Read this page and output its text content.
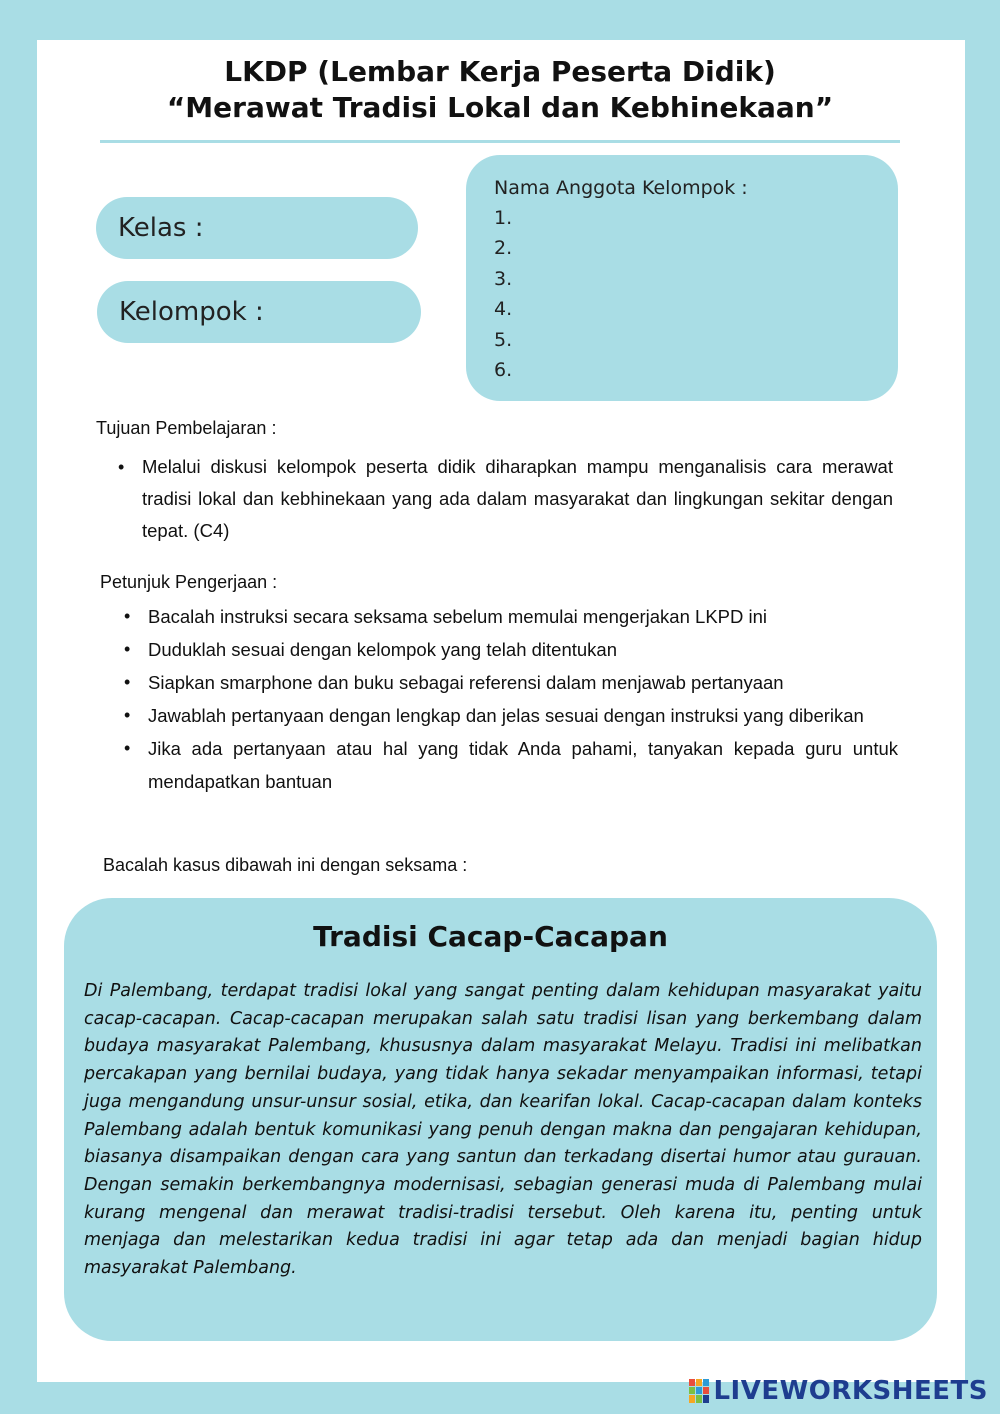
LKDP (Lembar Kerja Peserta Didik)
“Merawat Tradisi Lokal dan Kebhinekaan”
Kelas :
Kelompok :
Nama Anggota Kelompok :
1.
2.
3.
4.
5.
6.
Tujuan Pembelajaran :
• Melalui diskusi kelompok peserta didik diharapkan mampu menganalisis cara merawat tradisi lokal dan kebhinekaan yang ada dalam masyarakat dan lingkungan sekitar dengan tepat. (C4)
Petunjuk Pengerjaan :
• Bacalah instruksi secara seksama sebelum memulai mengerjakan LKPD ini
• Duduklah sesuai dengan kelompok yang telah ditentukan
• Siapkan smarphone dan buku sebagai referensi dalam menjawab pertanyaan
• Jawablah pertanyaan dengan lengkap dan jelas sesuai dengan instruksi yang diberikan
• Jika ada pertanyaan atau hal yang tidak Anda pahami, tanyakan kepada guru untuk mendapatkan bantuan
Bacalah kasus dibawah ini dengan seksama :
Tradisi Cacap-Cacapan
Di Palembang, terdapat tradisi lokal yang sangat penting dalam kehidupan masyarakat yaitu cacap-cacapan. Cacap-cacapan merupakan salah satu tradisi lisan yang berkembang dalam budaya masyarakat Palembang, khususnya dalam masyarakat Melayu. Tradisi ini melibatkan percakapan yang bernilai budaya, yang tidak hanya sekadar menyampaikan informasi, tetapi juga mengandung unsur-unsur sosial, etika, dan kearifan lokal. Cacap-cacapan dalam konteks Palembang adalah bentuk komunikasi yang penuh dengan makna dan pengajaran kehidupan, biasanya disampaikan dengan cara yang santun dan terkadang disertai humor atau gurauan. Dengan semakin berkembangnya modernisasi, sebagian generasi muda di Palembang mulai kurang mengenal dan merawat tradisi-tradisi tersebut. Oleh karena itu, penting untuk menjaga dan melestarikan kedua tradisi ini agar tetap ada dan menjadi bagian hidup masyarakat Palembang.
LIVEWORKSHEETS
